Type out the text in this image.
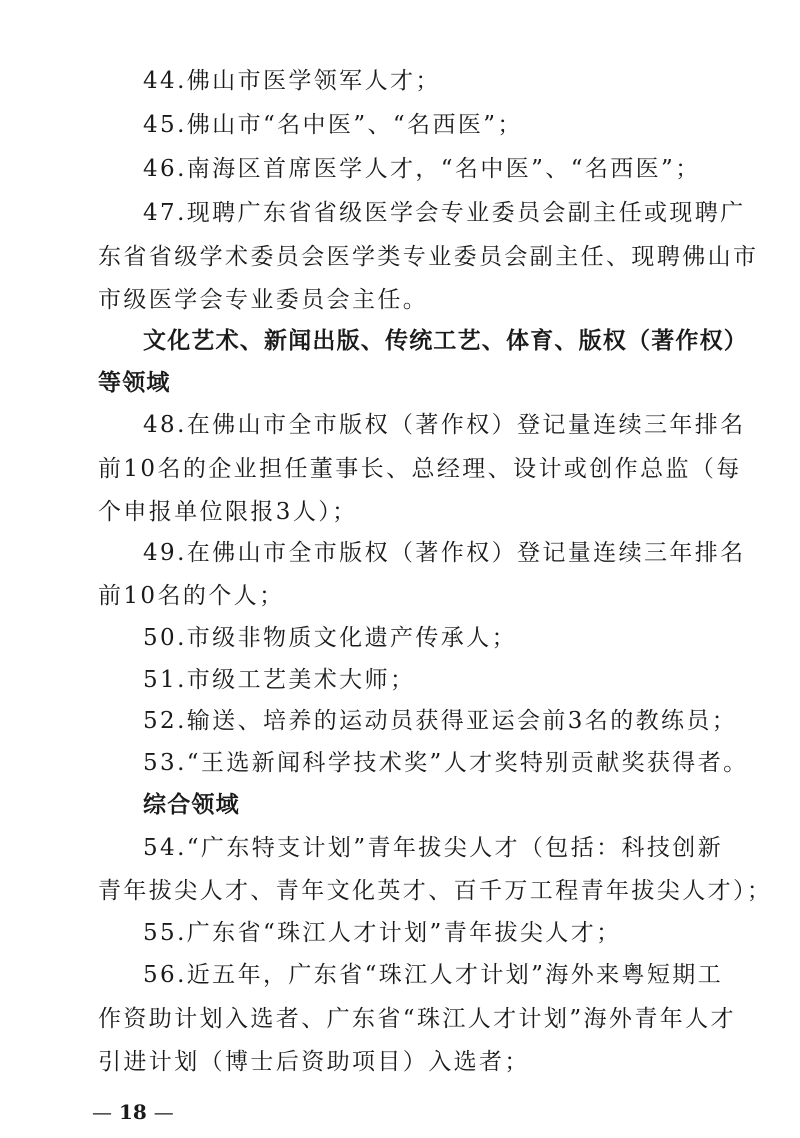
44.佛山市医学领军人才；
45.佛山市“名中医”、“名西医”；
46.南海区首席医学人才，“名中医”、“名西医”；
47.现聘广东省省级医学会专业委员会副主任或现聘广
东省省级学术委员会医学类专业委员会副主任、现聘佛山市
市级医学会专业委员会主任。
文化艺术、新闻出版、传统工艺、体育、版权（著作权）
等领域
48.在佛山市全市版权（著作权）登记量连续三年排名
前10名的企业担任董事长、总经理、设计或创作总监（每
个申报单位限报3人）；
49.在佛山市全市版权（著作权）登记量连续三年排名
前10名的个人；
50.市级非物质文化遗产传承人；
51.市级工艺美术大师；
52.输送、培养的运动员获得亚运会前3名的教练员；
53.“王选新闻科学技术奖”人才奖特别贡献奖获得者。
综合领域
54.“广东特支计划”青年拔尖人才（包括：科技创新
青年拔尖人才、青年文化英才、百千万工程青年拔尖人才）；
55.广东省“珠江人才计划”青年拔尖人才；
56.近五年，广东省“珠江人才计划”海外来粤短期工
作资助计划入选者、广东省“珠江人才计划”海外青年人才
引进计划（博士后资助项目）入选者；
— 18 —
